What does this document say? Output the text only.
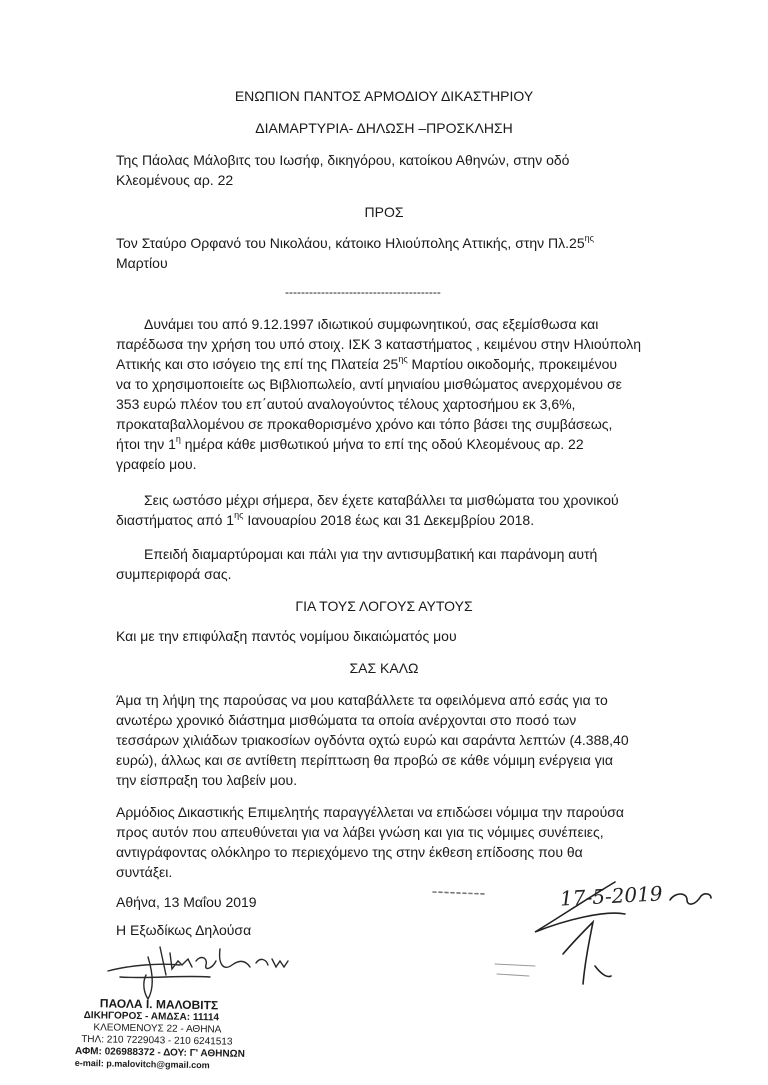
ΕΝΩΠΙΟΝ ΠΑΝΤΟΣ ΑΡΜΟΔΙΟΥ ΔΙΚΑΣΤΗΡΙΟΥ
ΔΙΑΜΑΡΤΥΡΙΑ- ΔΗΛΩΣΗ –ΠΡΟΣΚΛΗΣΗ
Της Πάολας Μάλοβιτς του Ιωσήφ, δικηγόρου, κατοίκου Αθηνών, στην οδό
Κλεομένους αρ. 22
ΠΡΟΣ
Τον Σταύρο Ορφανό του Νικολάου, κάτοικο Ηλιούπολης Αττικής, στην $\Pi\lambda.25^{\eta\varsigma}$
Μαρτίου
---------------------------------------
Δυνάμει του από 9.12.1997 ιδιωτικού συμφωνητικού, σας εξεμίσθωσα και
παρέδωσα την χρήση του υπό στοιχ. ΙΣΚ 3 καταστήματος , κειμένου στην Ηλιούπολη
Αττικής και στο ισόγειο της επί της Πλατεία $25^{\eta\varsigma}$ Μαρτίου οικοδομής, προκειμένου
να το χρησιμοποιείτε ως Βιβλιοπωλείο, αντί μηνιαίου μισθώματος ανερχομένου σε
353 ευρώ πλέον του επ΄αυτού αναλογούντος τέλους χαρτοσήμου εκ 3,6%,
προκαταβαλλομένου σε προκαθορισμένο χρόνο και τόπο βάσει της συμβάσεως,
ήτοι την $1^\eta$ ημέρα κάθε μισθωτικού μήνα το επί της οδού Κλεομένους αρ. 22
γραφείο μου.
Σεις ωστόσο μέχρι σήμερα, δεν έχετε καταβάλλει τα μισθώματα του χρονικού
διαστήματος από $1^{\eta\varsigma}$ Ιανουαρίου 2018 έως και 31 Δεκεμβρίου 2018.
Επειδή διαμαρτύρομαι και πάλι για την αντισυμβατική και παράνομη αυτή
συμπεριφορά σας.
ΓΙΑ ΤΟΥΣ ΛΟΓΟΥΣ ΑΥΤΟΥΣ
Και με την επιφύλαξη παντός νομίμου δικαιώματός μου
ΣΑΣ ΚΑΛΩ
Άμα τη λήψη της παρούσας να μου καταβάλλετε τα οφειλόμενα από εσάς για το
ανωτέρω χρονικό διάστημα μισθώματα τα οποία ανέρχονται στο ποσό των
τεσσάρων χιλιάδων τριακοσίων ογδόντα οχτώ ευρώ και σαράντα λεπτών (4.388,40
ευρώ), άλλως και σε αντίθετη περίπτωση θα προβώ σε κάθε νόμιμη ενέργεια για
την είσπραξη του λαβείν μου.
Αρμόδιος Δικαστικής Επιμελητής παραγγέλλεται να επιδώσει νόμιμα την παρούσα
προς αυτόν που απευθύνεται για να λάβει γνώση και για τις νόμιμες συνέπειες,
αντιγράφοντας ολόκληρο το περιεχόμενο της στην έκθεση επίδοσης που θα
συντάξει.
Αθήνα, 13 Μαΐου 2019
Η Εξωδίκως Δηλούσα
ΠΑΟΛΑ Ι. ΜΑΛΟΒΙΤΣ
ΔΙΚΗΓΟΡΟΣ - ΑΜΔΣΑ: 11114
ΚΛΕΟΜΕΝΟΥΣ 22 - ΑΘΗΝΑ
ΤΗΛ: 210 7229043 - 210 6241513
ΑΦΜ: 026988372 - ΔΟΥ: Γ' ΑΘΗΝΩΝ
e-mail: p.malovitch@gmail.com
17-5-2019
